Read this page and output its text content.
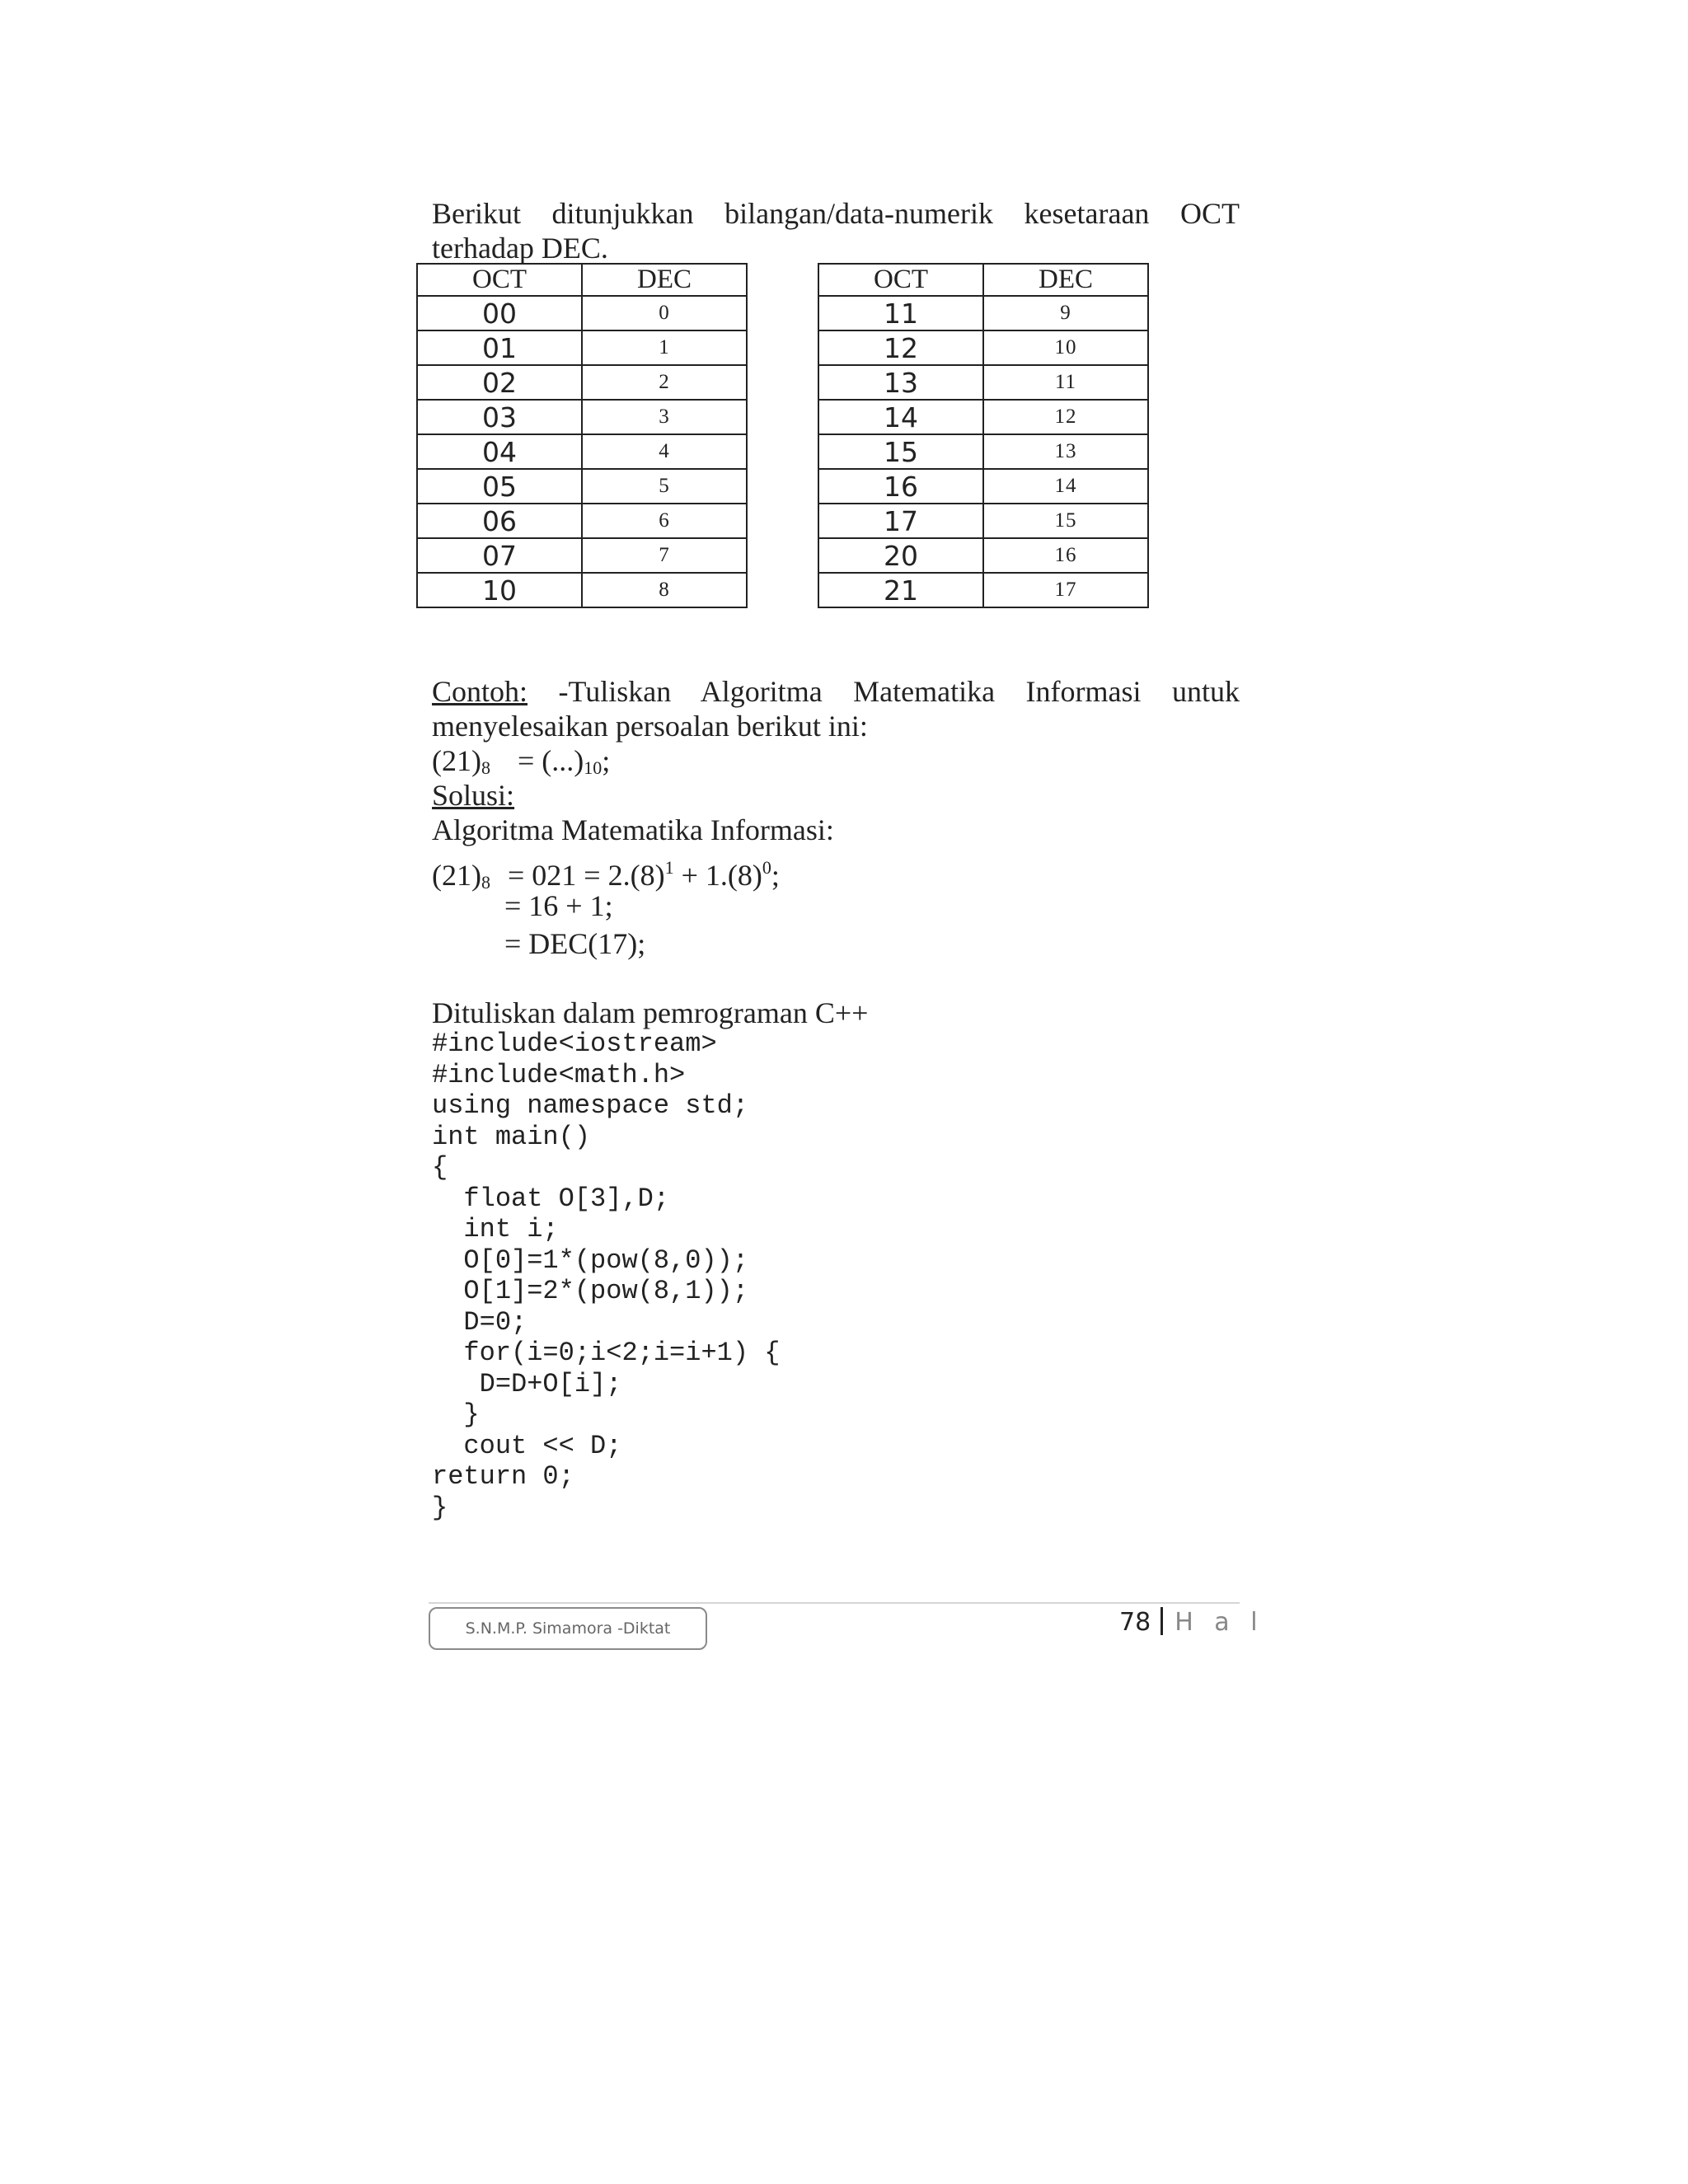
Berikut ditunjukkan bilangan/data-numerik kesetaraan OCT terhadap DEC.
OCT	DEC
00	0
01	1
02	2
03	3
04	4
05	5
06	6
07	7
10	8
OCT	DEC
11	9
12	10
13	11
14	12
15	13
16	14
17	15
20	16
21	17
Contoh: -Tuliskan Algoritma Matematika Informasi untuk menyelesaikan persoalan berikut ini:
$(21)_8 = (...)_{10}$;
Solusi:
Algoritma Matematika Informasi:
$(21)_8 = 021 = 2.(8)^1 + 1.(8)^0$;
= 16 + 1;
= DEC(17);
Dituliskan dalam pemrograman C++
#include<iostream>
#include<math.h>
using namespace std;
int main()
{
float O[3],D;
int i;
O[0]=1*(pow(8,0));
O[1]=2*(pow(8,1));
D=0;
for(i=0;i<2;i=i+1) {
D=D+O[i];
}
cout << D;
return 0;
}
S.N.M.P. Simamora -Diktat	78 H a l
